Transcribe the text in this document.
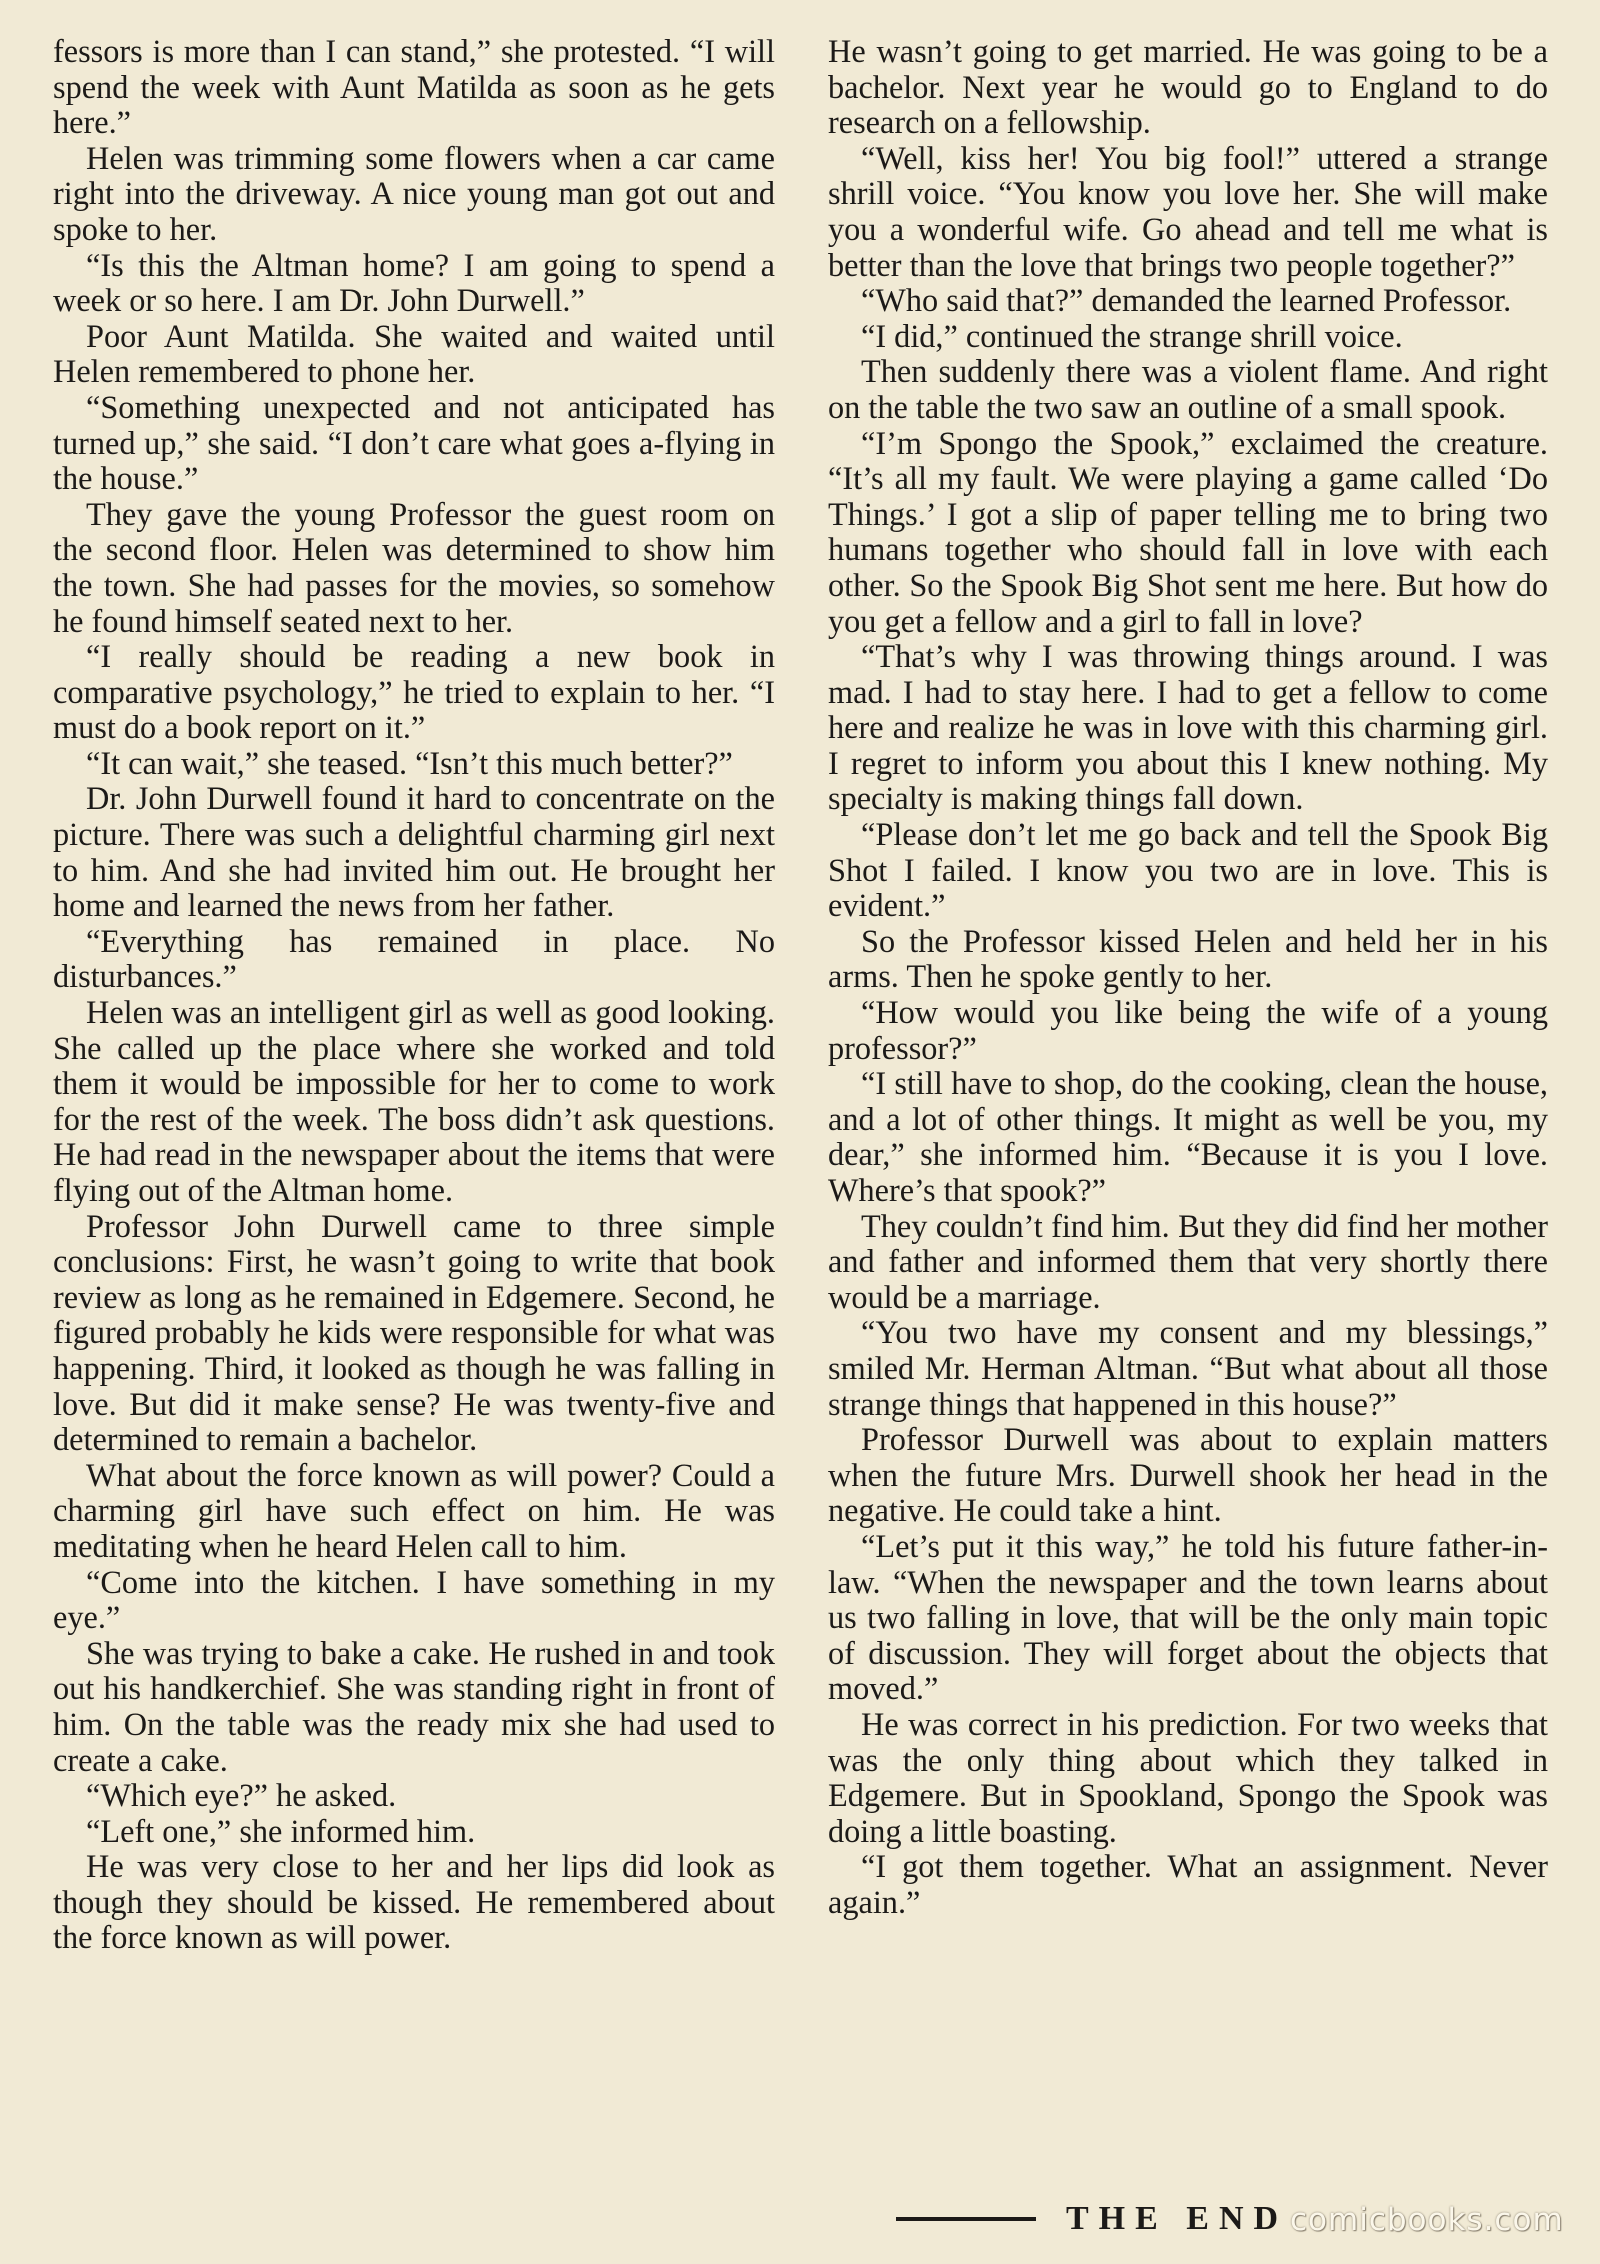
fessors is more than I can stand,” she protested. “I will spend the week with Aunt Matilda as soon as he gets here.”

Helen was trimming some flowers when a car came right into the driveway. A nice young man got out and spoke to her.

“Is this the Altman home? I am going to spend a week or so here. I am Dr. John Durwell.”

Poor Aunt Matilda. She waited and waited until Helen remembered to phone her.

“Something unexpected and not anticipated has turned up,” she said. “I don’t care what goes a-flying in the house.”

They gave the young Professor the guest room on the second floor. Helen was determined to show him the town. She had passes for the movies, so somehow he found himself seated next to her.

“I really should be reading a new book in comparative psychology,” he tried to explain to her. “I must do a book report on it.”

“It can wait,” she teased. “Isn’t this much better?”

Dr. John Durwell found it hard to concentrate on the picture. There was such a delightful charming girl next to him. And she had invited him out. He brought her home and learned the news from her father.

“Everything has remained in place. No disturbances.”

Helen was an intelligent girl as well as good looking. She called up the place where she worked and told them it would be impossible for her to come to work for the rest of the week. The boss didn’t ask questions. He had read in the newspaper about the items that were flying out of the Altman home.

Professor John Durwell came to three simple conclusions: First, he wasn’t going to write that book review as long as he remained in Edgemere. Second, he figured probably he kids were responsible for what was happening. Third, it looked as though he was falling in love. But did it make sense? He was twenty-five and determined to remain a bachelor.

What about the force known as will power? Could a charming girl have such effect on him. He was meditating when he heard Helen call to him.

“Come into the kitchen. I have something in my eye.”

She was trying to bake a cake. He rushed in and took out his handkerchief. She was standing right in front of him. On the table was the ready mix she had used to create a cake.

“Which eye?” he asked.

“Left one,” she informed him.

He was very close to her and her lips did look as though they should be kissed. He remembered about the force known as will power.

He wasn’t going to get married. He was going to be a bachelor. Next year he would go to England to do research on a fellowship.

“Well, kiss her! You big fool!” uttered a strange shrill voice. “You know you love her. She will make you a wonderful wife. Go ahead and tell me what is better than the love that brings two people together?”

“Who said that?” demanded the learned Professor.

“I did,” continued the strange shrill voice.

Then suddenly there was a violent flame. And right on the table the two saw an outline of a small spook.

“I’m Spongo the Spook,” exclaimed the creature. “It’s all my fault. We were playing a game called ‘Do Things.’ I got a slip of paper telling me to bring two humans together who should fall in love with each other. So the Spook Big Shot sent me here. But how do you get a fellow and a girl to fall in love?

“That’s why I was throwing things around. I was mad. I had to stay here. I had to get a fellow to come here and realize he was in love with this charming girl. I regret to inform you about this I knew nothing. My specialty is making things fall down.

“Please don’t let me go back and tell the Spook Big Shot I failed. I know you two are in love. This is evident.”

So the Professor kissed Helen and held her in his arms. Then he spoke gently to her.

“How would you like being the wife of a young professor?”

“I still have to shop, do the cooking, clean the house, and a lot of other things. It might as well be you, my dear,” she informed him. “Because it is you I love. Where’s that spook?”

They couldn’t find him. But they did find her mother and father and informed them that very shortly there would be a marriage.

“You two have my consent and my blessings,” smiled Mr. Herman Altman. “But what about all those strange things that happened in this house?”

Professor Durwell was about to explain matters when the future Mrs. Durwell shook her head in the negative. He could take a hint.

“Let’s put it this way,” he told his future father-in-law. “When the newspaper and the town learns about us two falling in love, that will be the only main topic of discussion. They will forget about the objects that moved.”

He was correct in his prediction. For two weeks that was the only thing about which they talked in Edgemere. But in Spookland, Spongo the Spook was doing a little boasting.

“I got them together. What an assignment. Never again.”

THE END comicbooks.com
